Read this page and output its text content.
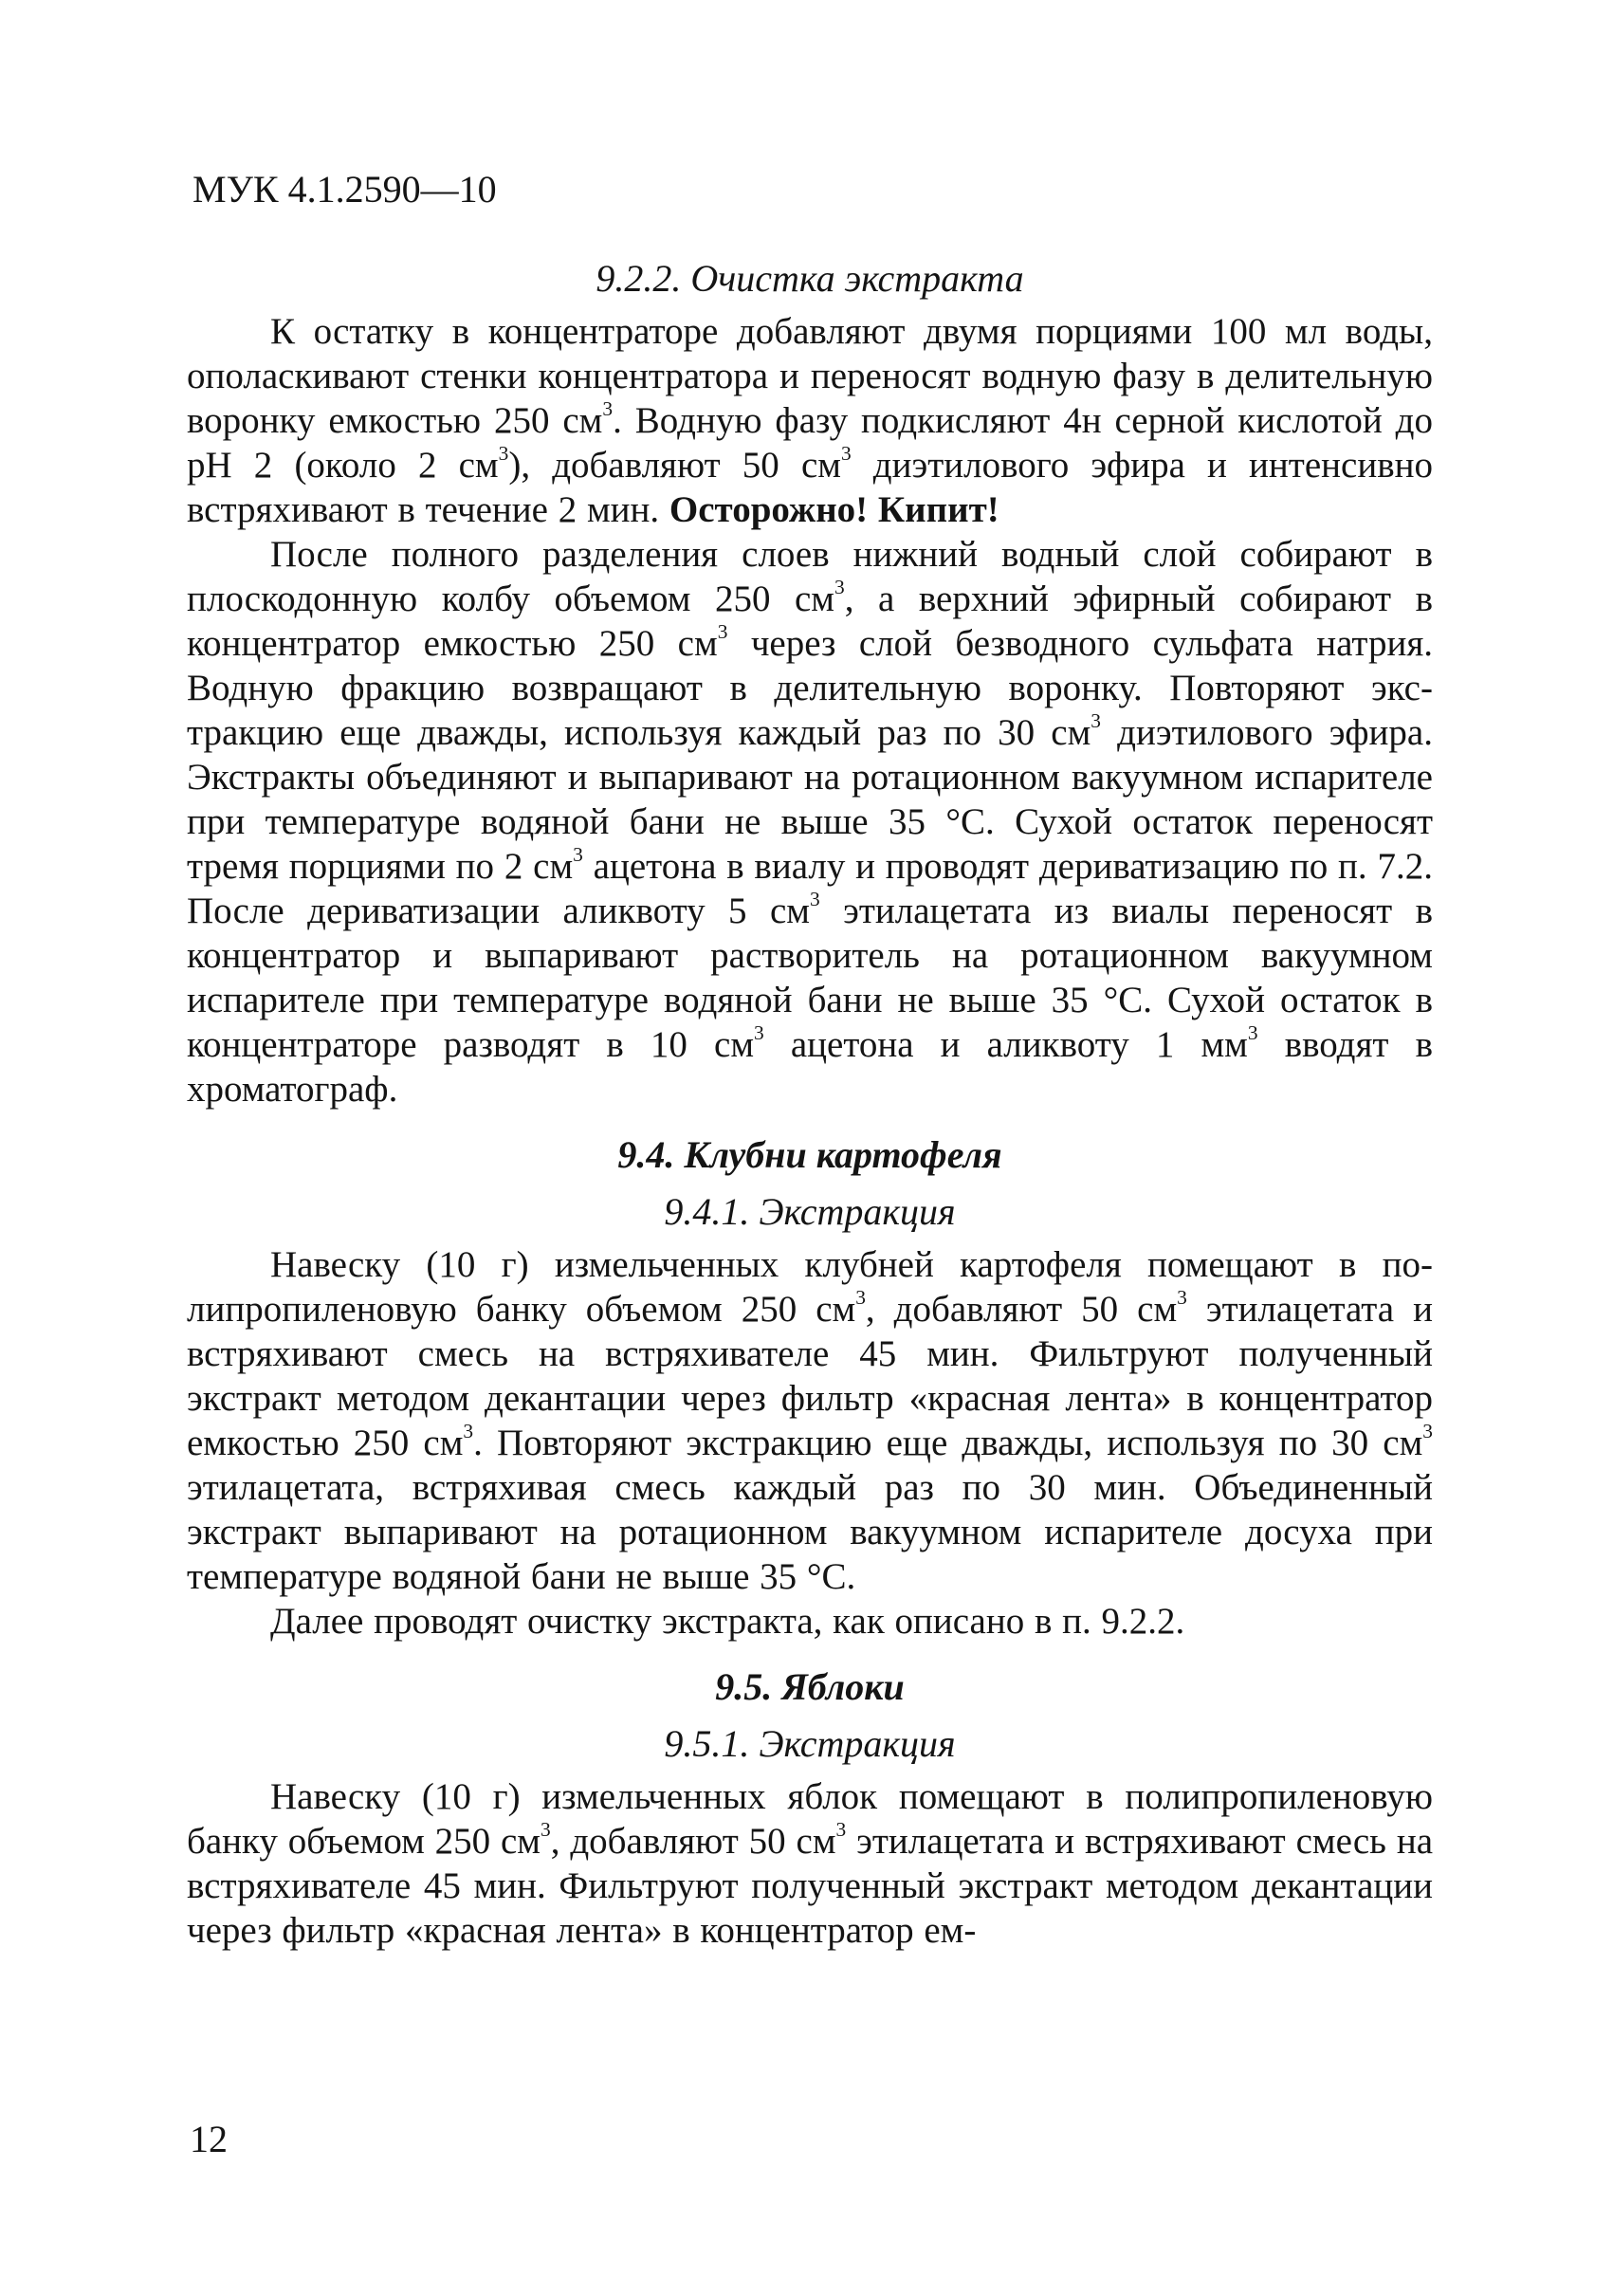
МУК 4.1.2590—10
9.2.2. Очистка экстракта

К остатку в концентраторе добавляют двумя порциями 100 мл воды, ополаскивают стенки концентратора и переносят водную фазу в делительную воронку емкостью 250 $см^3$. Водную фазу подкисляют 4н серной кислотой до pH 2 (около 2 $см^3$), добавляют 50 $см^3$ диэтилового эфира и интенсивно встряхивают в течение 2 мин. Осторожно! Кипит!

После полного разделения слоев нижний водный слой собирают в плоскодонную колбу объемом 250 $см^3$, а верхний эфирный собирают в концентратор емкостью 250 $см^3$ через слой безводного сульфата натрия. Водную фракцию возвращают в делительную воронку. Повторяют экстракцию еще дважды, используя каждый раз по 30 $см^3$ диэтилового эфира. Экстракты объединяют и выпаривают на ротационном вакуумном испарителе при температуре водяной бани не выше 35 °С. Сухой остаток переносят тремя порциями по 2 $см^3$ ацетона в виалу и проводят дериватизацию по п. 7.2. После дериватизации аликвоту 5 $см^3$ этилацетата из виалы переносят в концентратор и выпаривают растворитель на ротационном вакуумном испарителе при температуре водяной бани не выше 35 °С. Сухой остаток в концентраторе разводят в 10 $см^3$ ацетона и аликвоту 1 $мм^3$ вводят в хроматограф.

9.4. Клубни картофеля
9.4.1. Экстракция

Навеску (10 г) измельченных клубней картофеля помещают в полипропиленовую банку объемом 250 $см^3$, добавляют 50 $см^3$ этилацетата и встряхивают смесь на встряхивателе 45 мин. Фильтруют полученный экстракт методом декантации через фильтр «красная лента» в концентратор емкостью 250 $см^3$. Повторяют экстракцию еще дважды, используя по 30 $см^3$ этилацетата, встряхивая смесь каждый раз по 30 мин. Объединенный экстракт выпаривают на ротационном вакуумном испарителе досуха при температуре водяной бани не выше 35 °С.

Далее проводят очистку экстракта, как описано в п. 9.2.2.

9.5. Яблоки
9.5.1. Экстракция

Навеску (10 г) измельченных яблок помещают в полипропиленовую банку объемом 250 $см^3$, добавляют 50 $см^3$ этилацетата и встряхивают смесь на встряхивателе 45 мин. Фильтруют полученный экстракт методом декантации через фильтр «красная лента» в концентратор ем-

12
